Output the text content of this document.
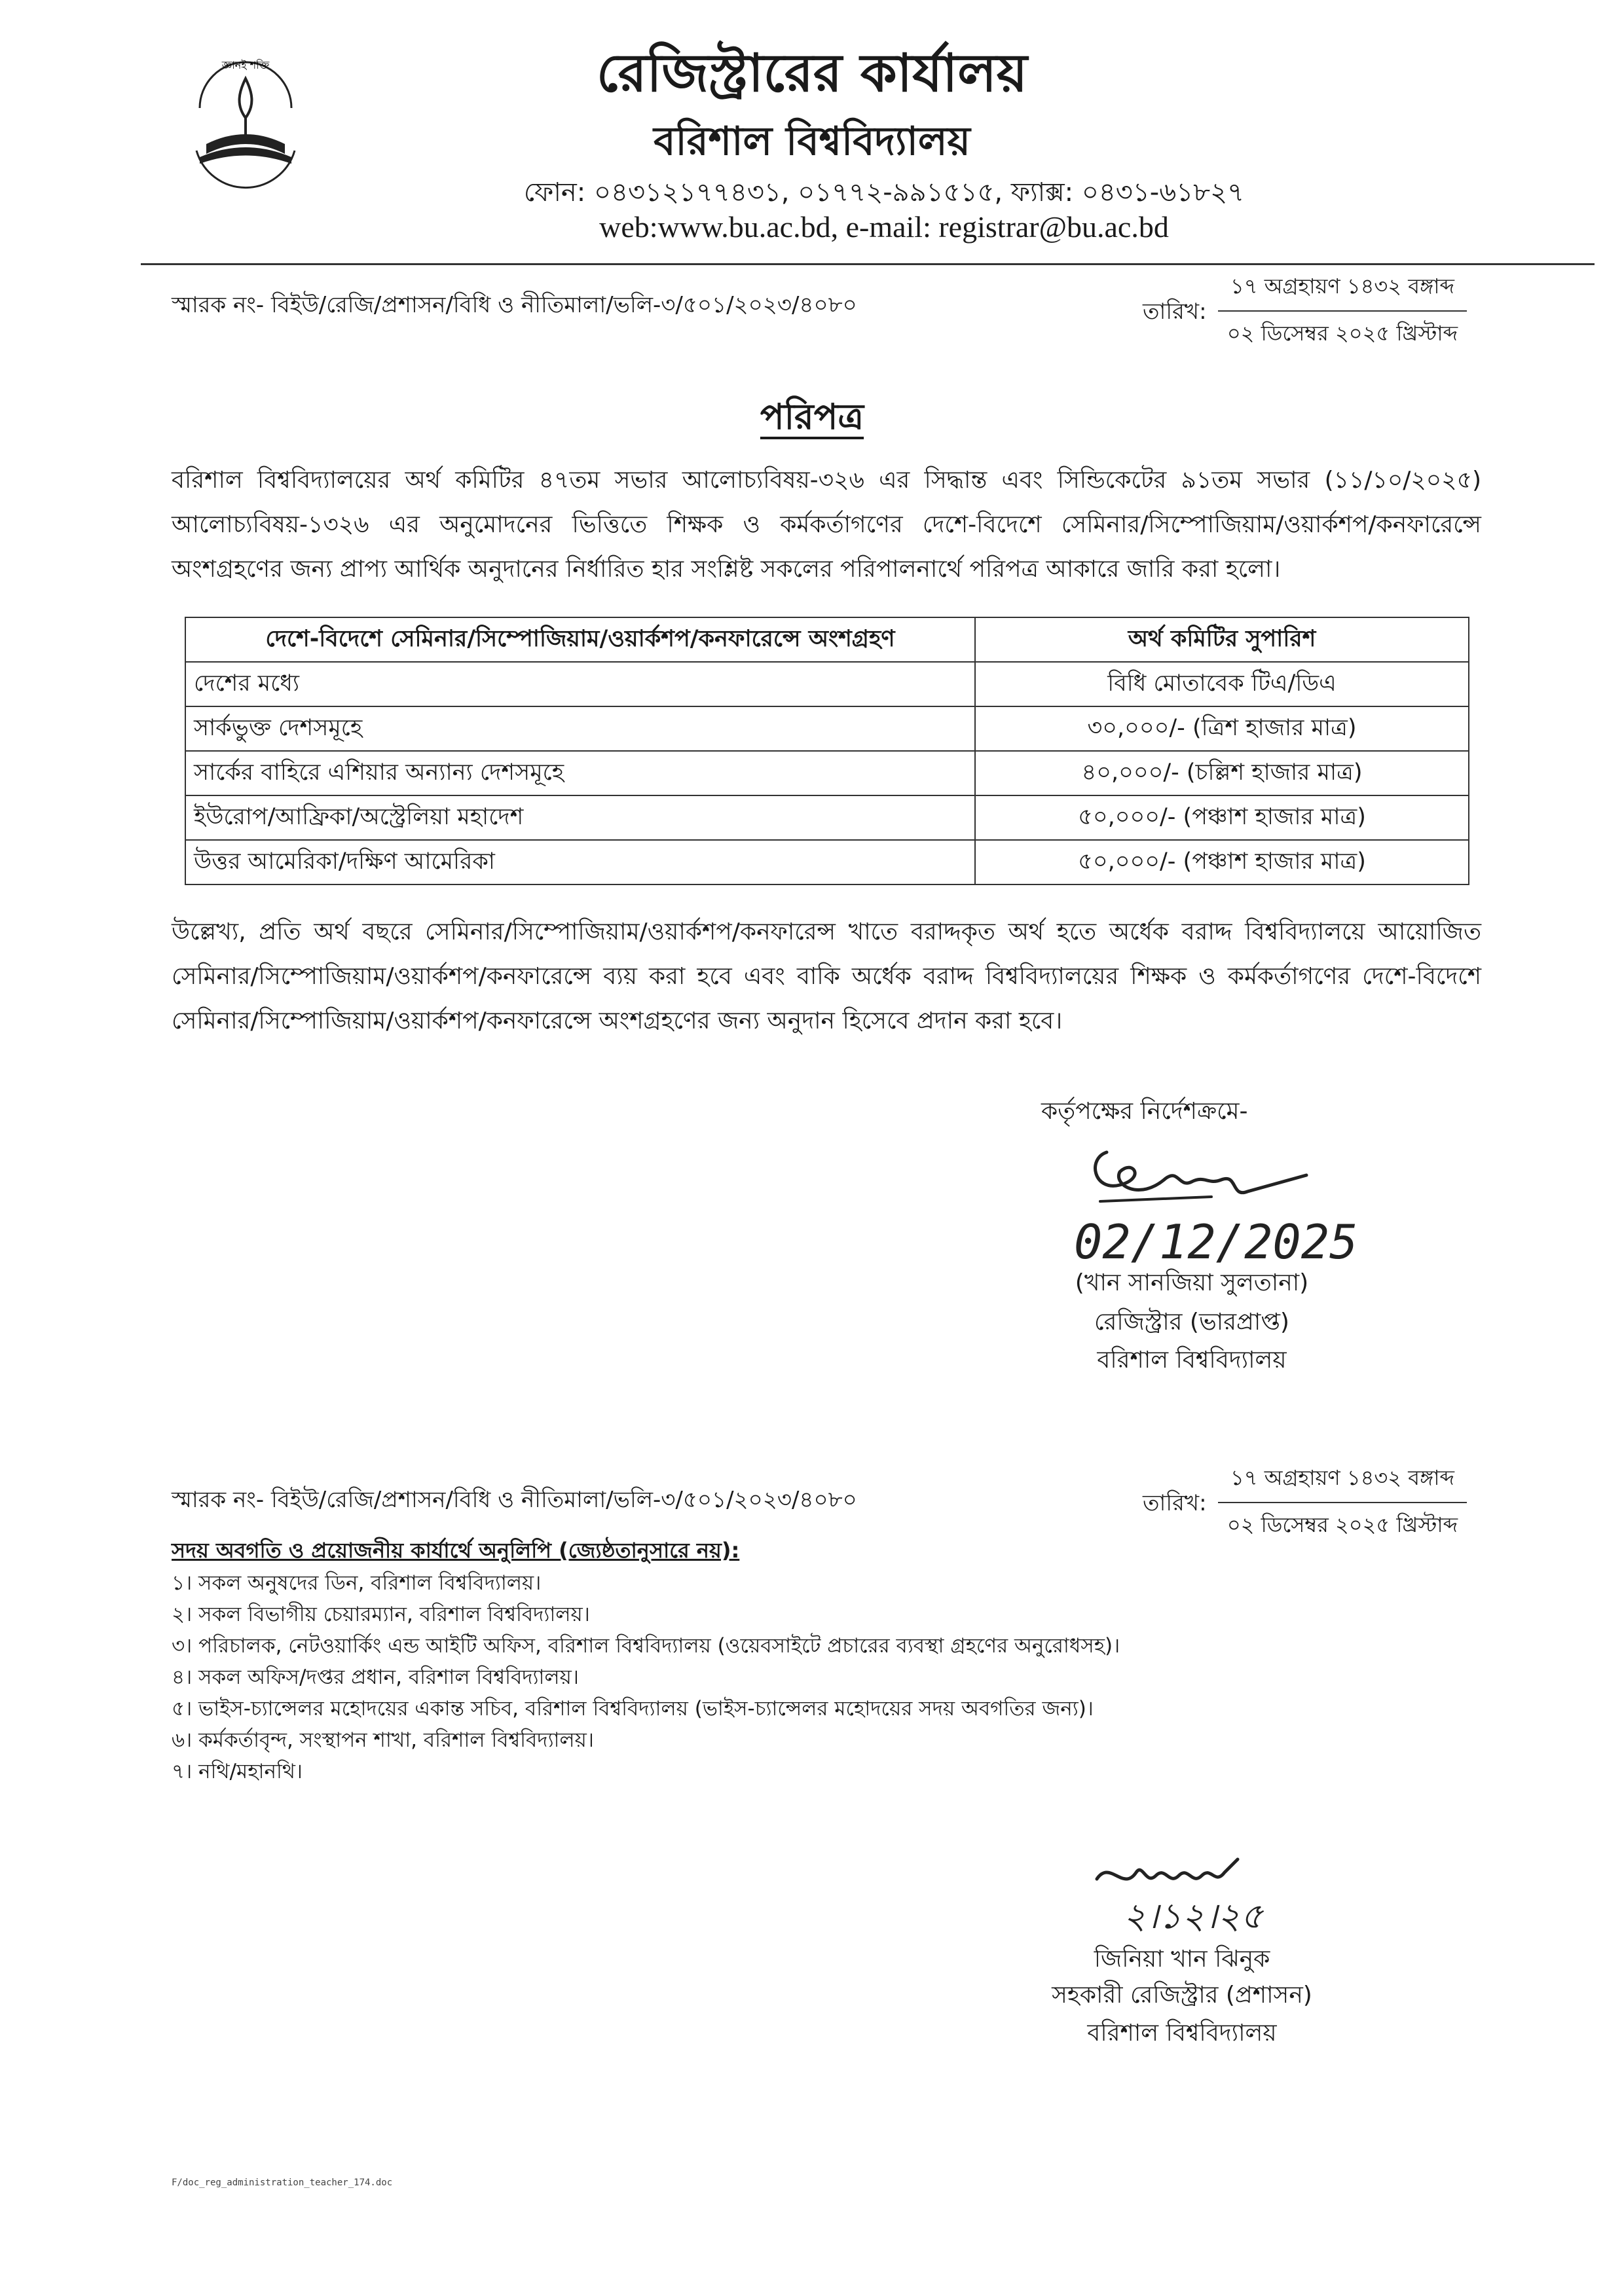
জ্ঞানই শক্তি	রেজিস্ট্রারের কার্যালয়
বরিশাল বিশ্ববিদ্যালয়
ফোন: ০৪৩১২১৭৭৪৩১, ০১৭৭২-৯৯১৫১৫, ফ্যাক্স: ০৪৩১-৬১৮২৭
web:www.bu.ac.bd, e-mail: registrar@bu.ac.bd
স্মারক নং- বিইউ/রেজি/প্রশাসন/বিধি ও নীতিমালা/ভলি-৩/৫০১/২০২৩/৪০৮০	তারিখ:
১৭ অগ্রহায়ণ ১৪৩২ বঙ্গাব্দ
০২ ডিসেম্বর ২০২৫ খ্রিস্টাব্দ
পরিপত্র
বরিশাল বিশ্ববিদ্যালয়ের অর্থ কমিটির ৪৭তম সভার আলোচ্যবিষয়-৩২৬ এর সিদ্ধান্ত এবং সিন্ডিকেটের ৯১তম সভার (১১/১০/২০২৫) আলোচ্যবিষয়-১৩২৬ এর অনুমোদনের ভিত্তিতে শিক্ষক ও কর্মকর্তাগণের দেশে-বিদেশে সেমিনার/সিম্পোজিয়াম/ওয়ার্কশপ/কনফারেন্সে অংশগ্রহণের জন্য প্রাপ্য আর্থিক অনুদানের নির্ধারিত হার সংশ্লিষ্ট সকলের পরিপালনার্থে পরিপত্র আকারে জারি করা হলো।
দেশে-বিদেশে সেমিনার/সিম্পোজিয়াম/ওয়ার্কশপ/কনফারেন্সে অংশগ্রহণ	অর্থ কমিটির সুপারিশ
দেশের মধ্যে	বিধি মোতাবেক টিএ/ডিএ
সার্কভুক্ত দেশসমূহে	৩০,০০০/- (ত্রিশ হাজার মাত্র)
সার্কের বাহিরে এশিয়ার অন্যান্য দেশসমূহে	৪০,০০০/- (চল্লিশ হাজার মাত্র)
ইউরোপ/আফ্রিকা/অস্ট্রেলিয়া মহাদেশ	৫০,০০০/- (পঞ্চাশ হাজার মাত্র)
উত্তর আমেরিকা/দক্ষিণ আমেরিকা	৫০,০০০/- (পঞ্চাশ হাজার মাত্র)
উল্লেখ্য, প্রতি অর্থ বছরে সেমিনার/সিম্পোজিয়াম/ওয়ার্কশপ/কনফারেন্স খাতে বরাদ্দকৃত অর্থ হতে অর্ধেক বরাদ্দ বিশ্ববিদ্যালয়ে আয়োজিত সেমিনার/সিম্পোজিয়াম/ওয়ার্কশপ/কনফারেন্সে ব্যয় করা হবে এবং বাকি অর্ধেক বরাদ্দ বিশ্ববিদ্যালয়ের শিক্ষক ও কর্মকর্তাগণের দেশে-বিদেশে সেমিনার/সিম্পোজিয়াম/ওয়ার্কশপ/কনফারেন্সে অংশগ্রহণের জন্য অনুদান হিসেবে প্রদান করা হবে।
কর্তৃপক্ষের নির্দেশক্রমে-
02/12/2025
(খান সানজিয়া সুলতানা)
রেজিস্ট্রার (ভারপ্রাপ্ত)
বরিশাল বিশ্ববিদ্যালয়
স্মারক নং- বিইউ/রেজি/প্রশাসন/বিধি ও নীতিমালা/ভলি-৩/৫০১/২০২৩/৪০৮০	তারিখ:
১৭ অগ্রহায়ণ ১৪৩২ বঙ্গাব্দ
০২ ডিসেম্বর ২০২৫ খ্রিস্টাব্দ
সদয় অবগতি ও প্রয়োজনীয় কার্যার্থে অনুলিপি (জ্যেষ্ঠতানুসারে নয়):
১। সকল অনুষদের ডিন, বরিশাল বিশ্ববিদ্যালয়।
২। সকল বিভাগীয় চেয়ারম্যান, বরিশাল বিশ্ববিদ্যালয়।
৩। পরিচালক, নেটওয়ার্কিং এন্ড আইটি অফিস, বরিশাল বিশ্ববিদ্যালয় (ওয়েবসাইটে প্রচারের ব্যবস্থা গ্রহণের অনুরোধসহ)।
৪। সকল অফিস/দপ্তর প্রধান, বরিশাল বিশ্ববিদ্যালয়।
৫। ভাইস-চ্যান্সেলর মহোদয়ের একান্ত সচিব, বরিশাল বিশ্ববিদ্যালয় (ভাইস-চ্যান্সেলর মহোদয়ের সদয় অবগতির জন্য)।
৬। কর্মকর্তাবৃন্দ, সংস্থাপন শাখা, বরিশাল বিশ্ববিদ্যালয়।
৭। নথি/মহানথি।
২।১২।২৫
জিনিয়া খান ঝিনুক
সহকারী রেজিস্ট্রার (প্রশাসন)
বরিশাল বিশ্ববিদ্যালয়
F/doc_reg_administration_teacher_174.doc
